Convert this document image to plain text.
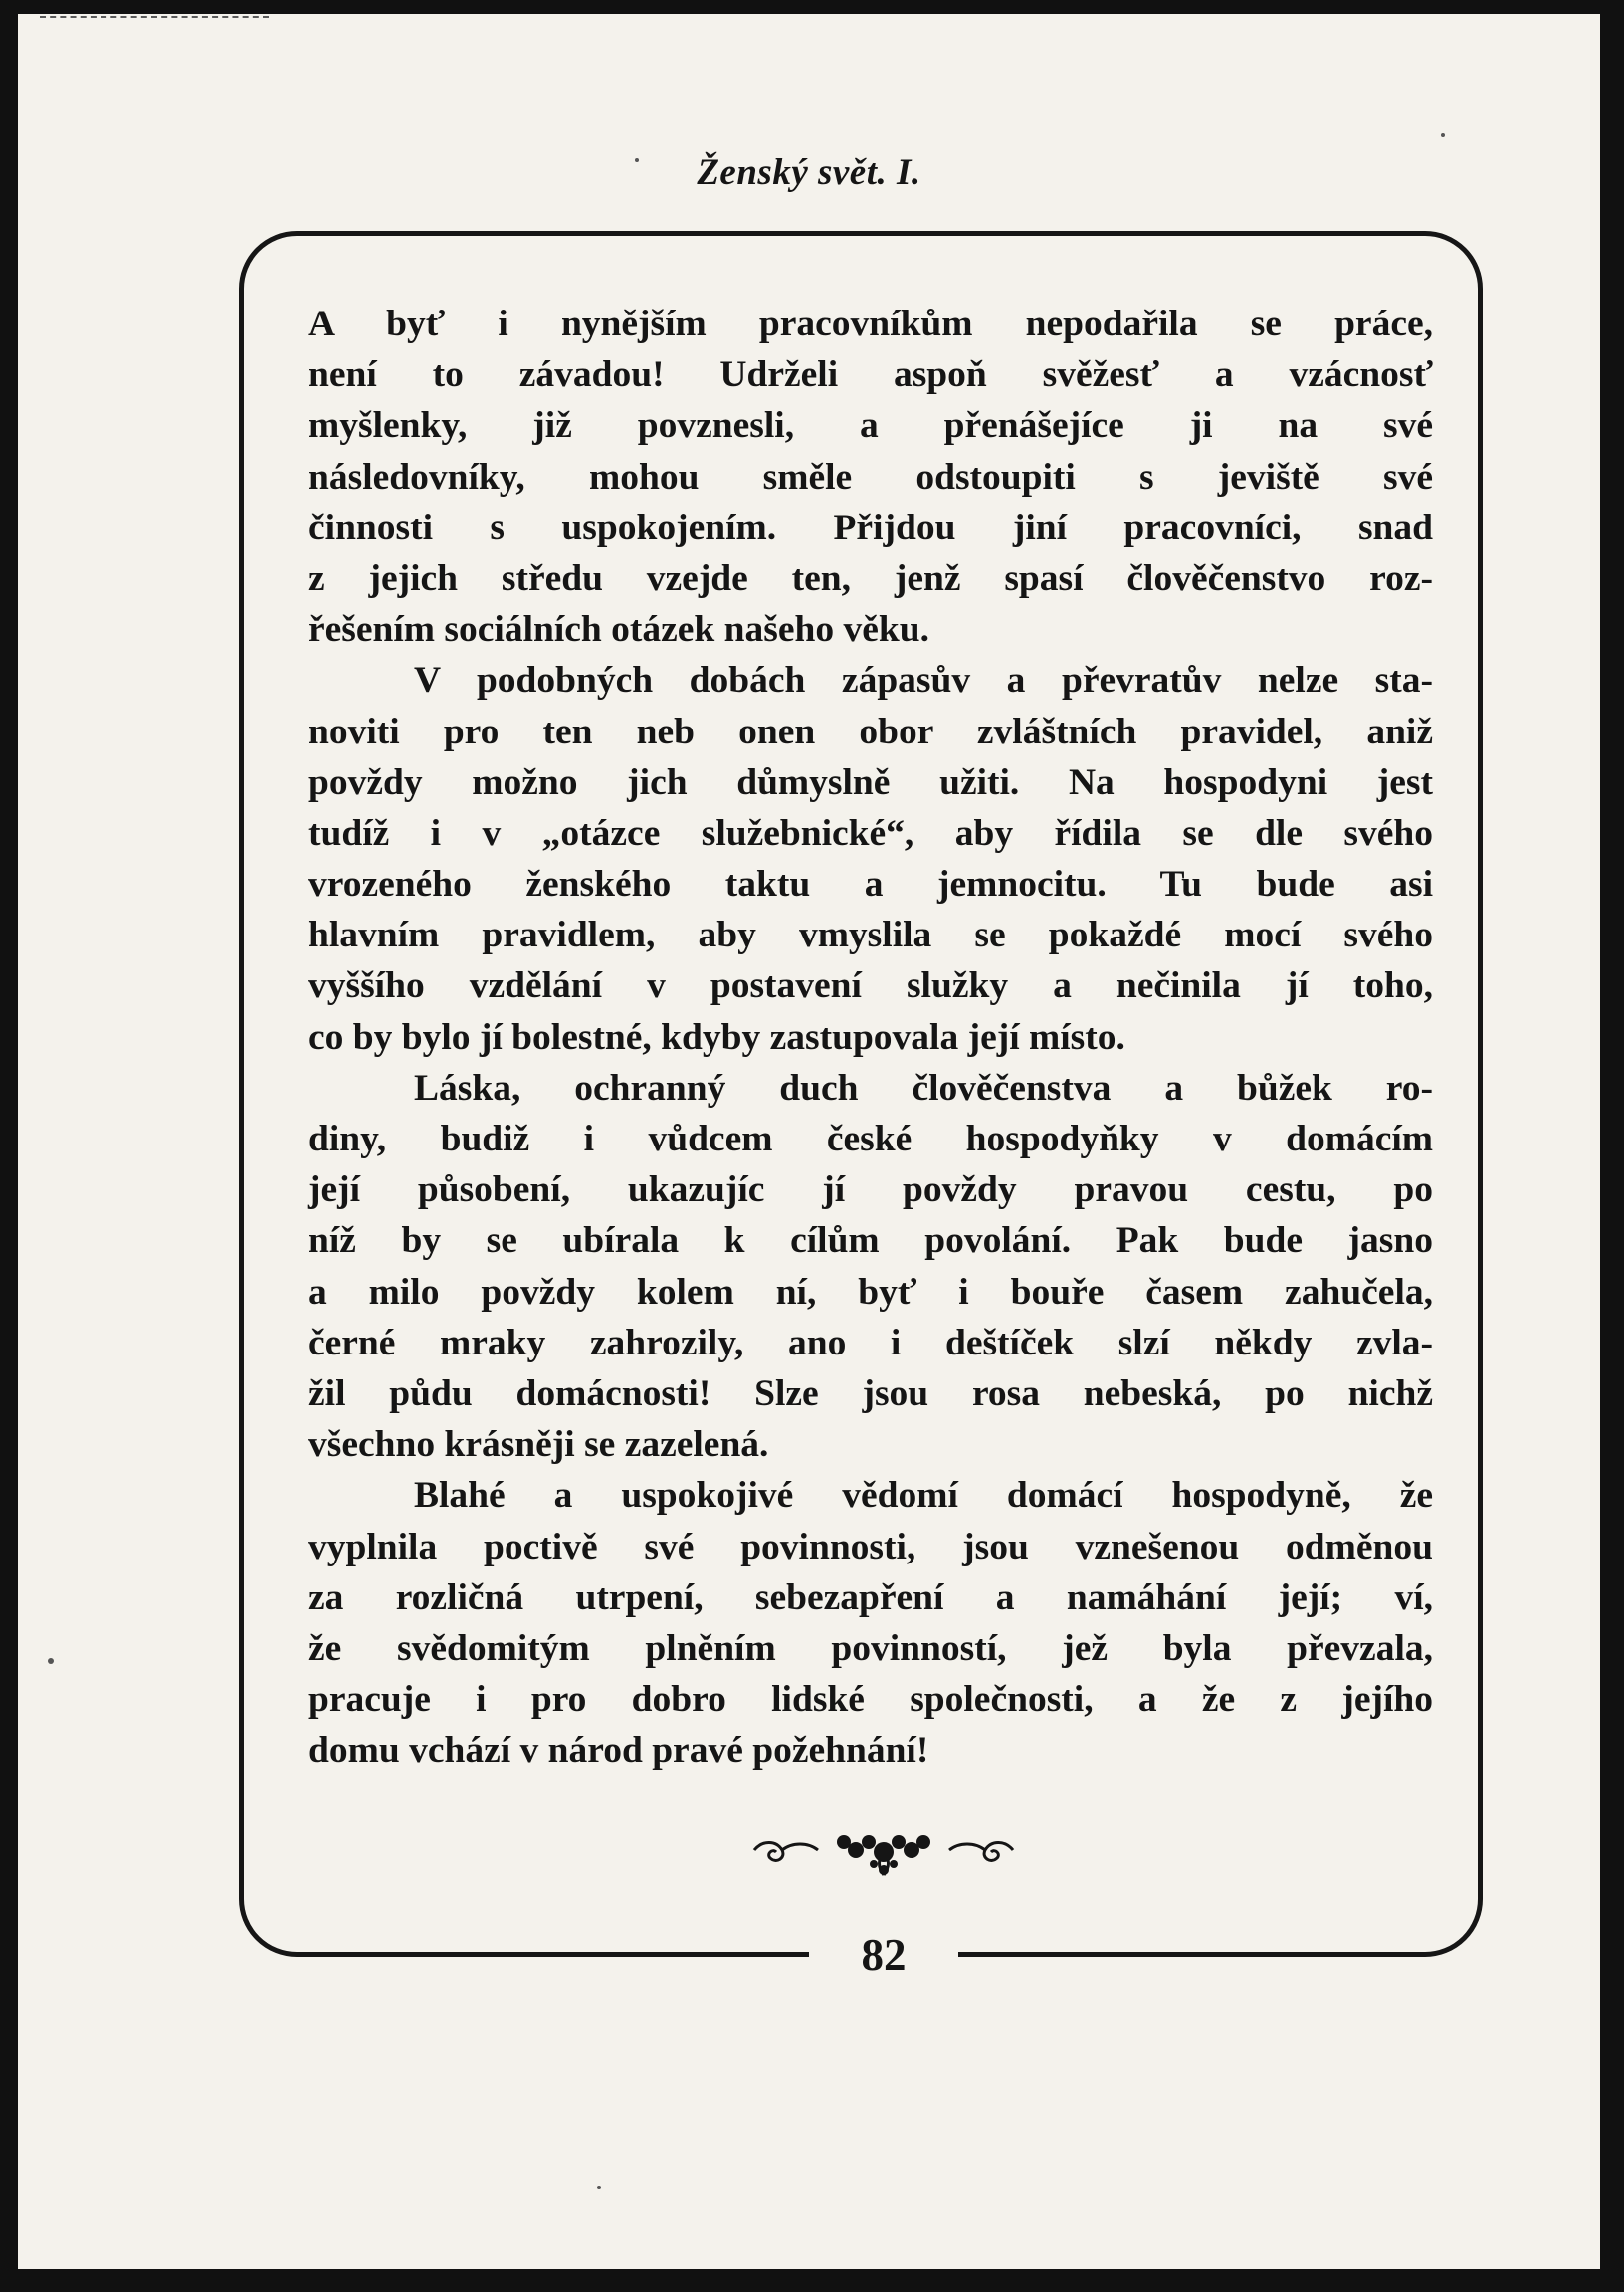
Ženský svět. I.
82
A byť i nynějším pracovníkům nepodařila se práce,
není to závadou! Udrželi aspoň svěžesť a vzácnosť
myšlenky, již povznesli, a přenášejíce ji na své
následovníky, mohou směle odstoupiti s jeviště své
činnosti s uspokojením. Přijdou jiní pracovníci, snad
z jejich středu vzejde ten, jenž spasí člověčenstvo roz-
řešením sociálních otázek našeho věku.
V podobných dobách zápasův a převratův nelze sta-
noviti pro ten neb onen obor zvláštních pravidel, aniž
povždy možno jich důmyslně užiti. Na hospodyni jest
tudíž i v „otázce služebnické“, aby řídila se dle svého
vrozeného ženského taktu a jemnocitu. Tu bude asi
hlavním pravidlem, aby vmyslila se pokaždé mocí svého
vyššího vzdělání v postavení služky a nečinila jí toho,
co by bylo jí bolestné, kdyby zastupovala její místo.
Láska, ochranný duch člověčenstva a bůžek ro-
diny, budiž i vůdcem české hospodyňky v domácím
její působení, ukazujíc jí povždy pravou cestu, po
níž by se ubírala k cílům povolání. Pak bude jasno
a milo povždy kolem ní, byť i bouře časem zahučela,
černé mraky zahrozily, ano i deštíček slzí někdy zvla-
žil půdu domácnosti! Slze jsou rosa nebeská, po nichž
všechno krásněji se zazelená.
Blahé a uspokojivé vědomí domácí hospodyně, že
vyplnila poctivě své povinnosti, jsou vznešenou odměnou
za rozličná utrpení, sebezapření a namáhání její; ví,
že svědomitým plněním povinností, jež byla převzala,
pracuje i pro dobro lidské společnosti, a že z jejího
domu vchází v národ pravé požehnání!
